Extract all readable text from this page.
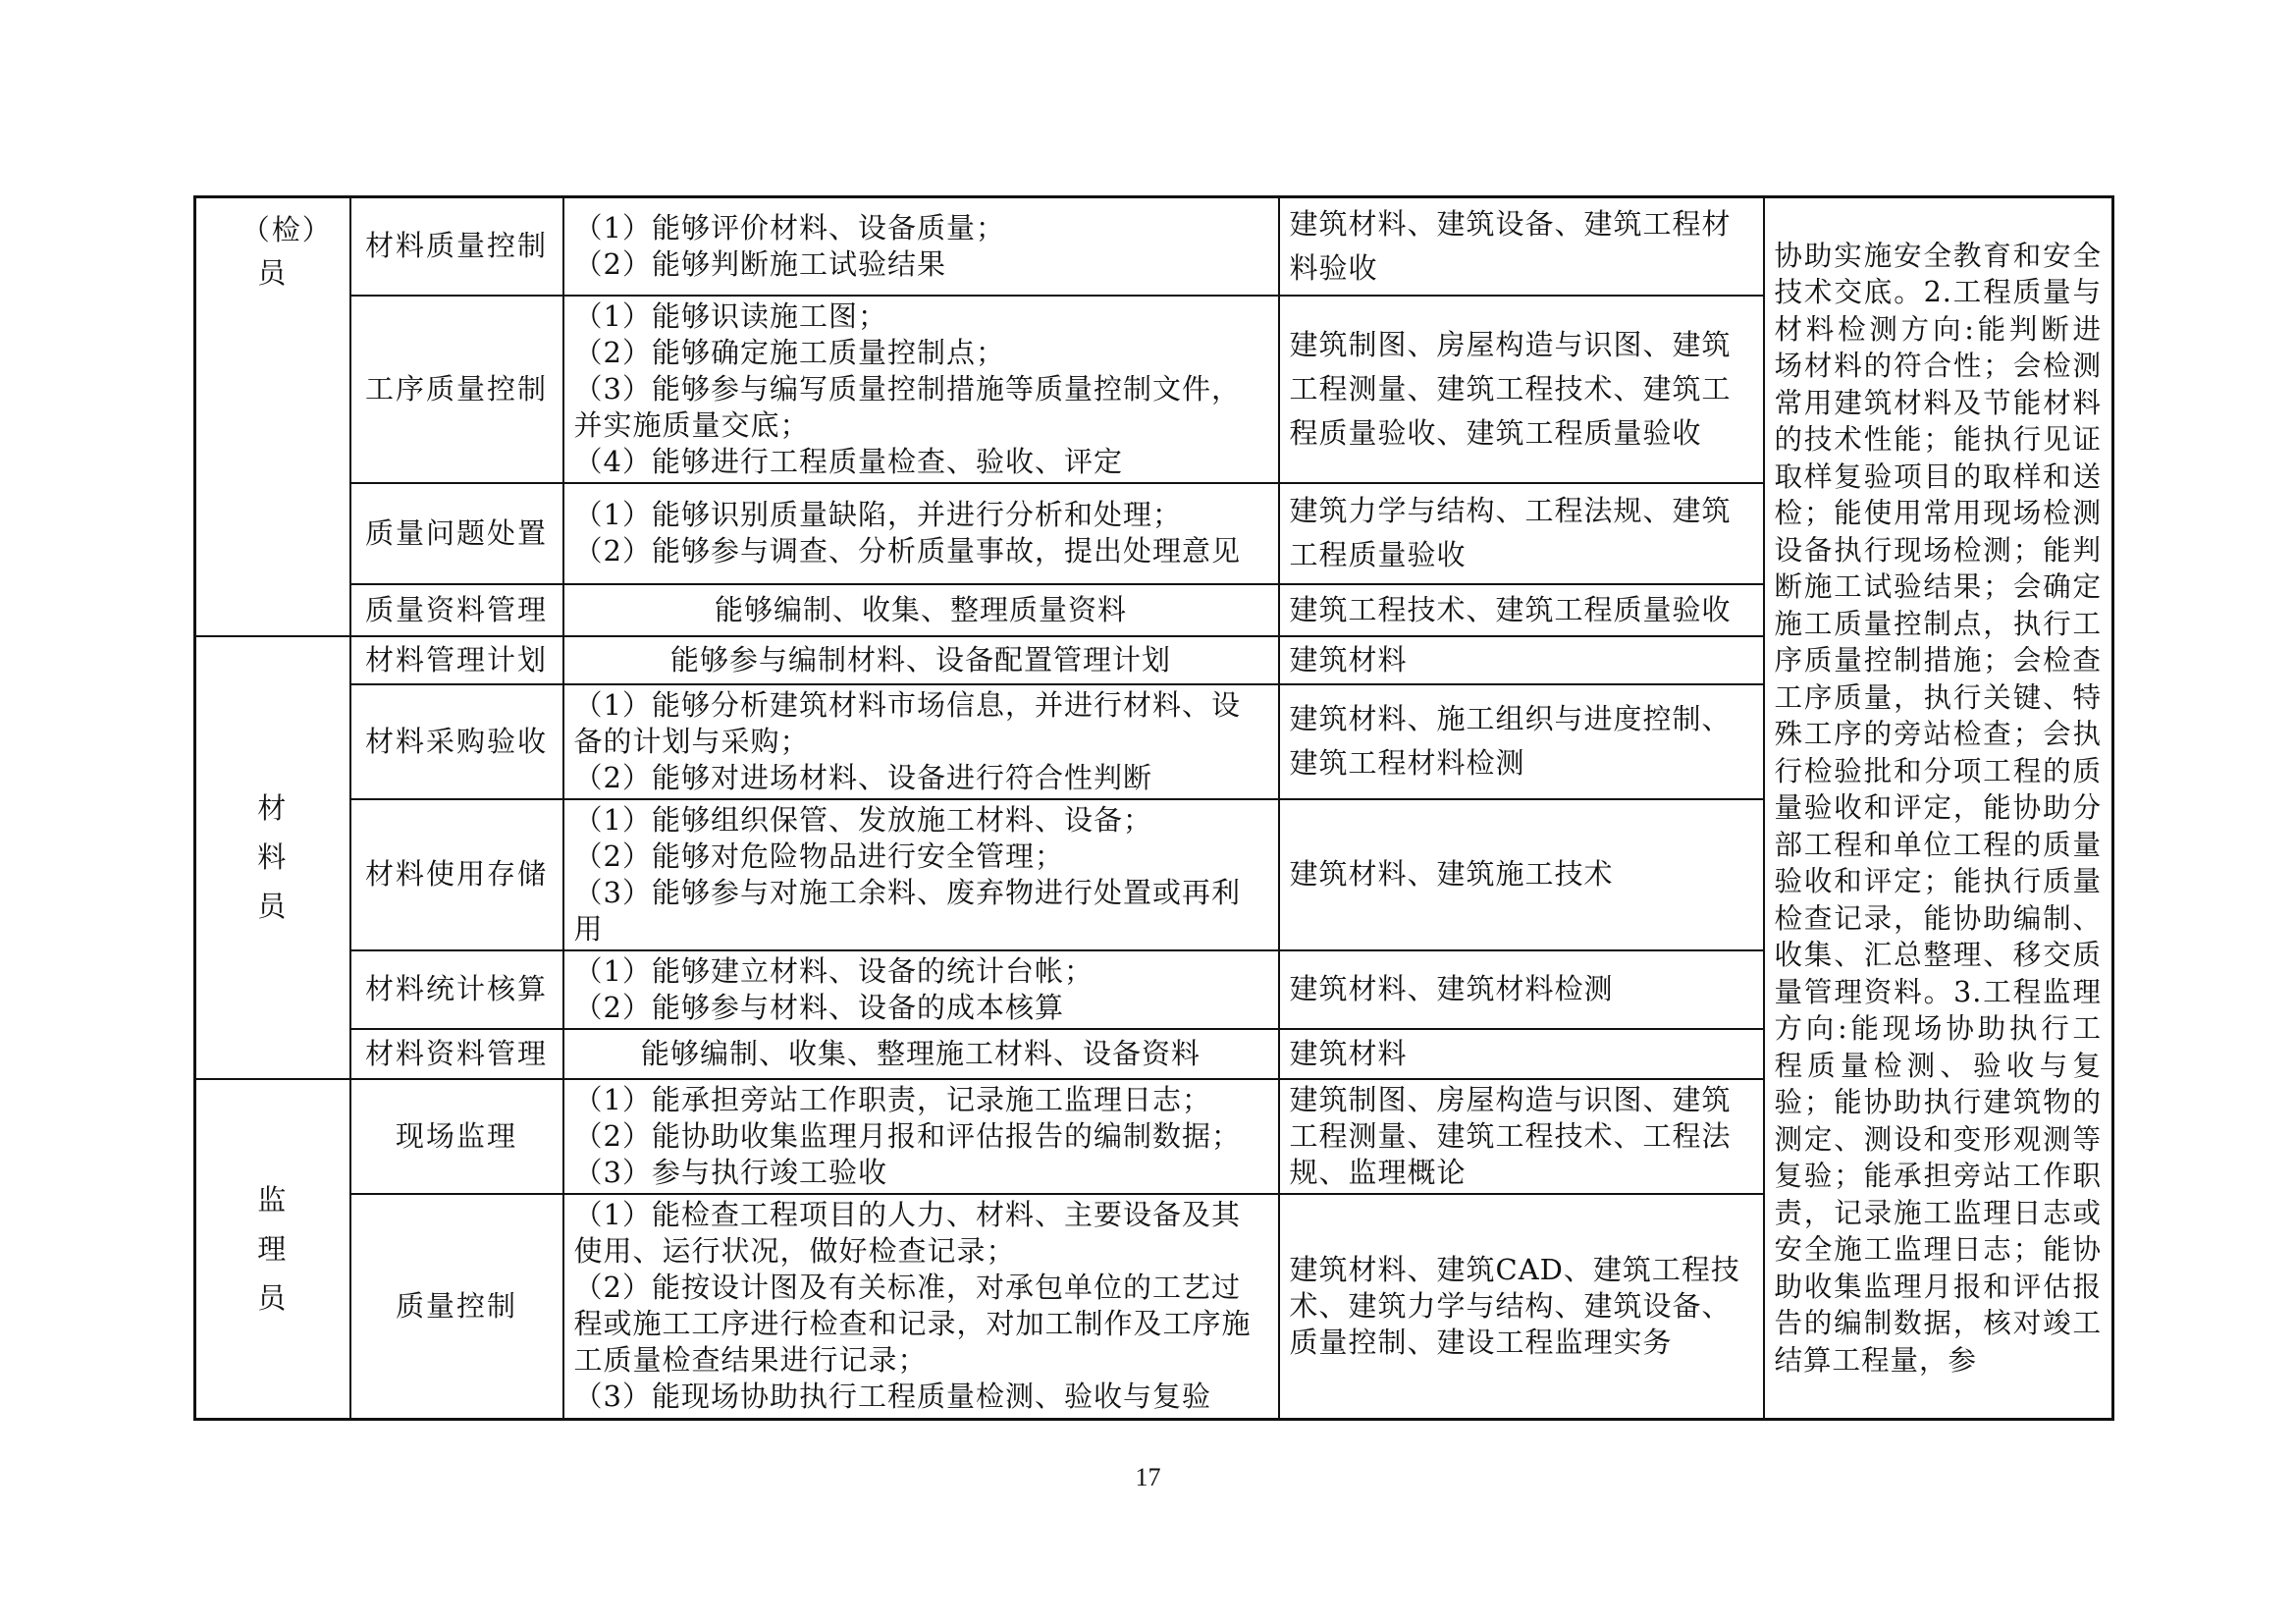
（检）员	材料质量控制	（1）能够评价材料、设备质量；
（2）能够判断施工试验结果	建筑材料、建筑设备、建筑工程材料验收	协助实施安全教育和安全技术交底。2.工程质量与材料检测方向:能判断进场材料的符合性；会检测常用建筑材料及节能材料的技术性能；能执行见证取样复验项目的取样和送检；能使用常用现场检测设备执行现场检测；能判断施工试验结果；会确定施工质量控制点，执行工序质量控制措施；会检查工序质量，执行关键、特殊工序的旁站检查；会执行检验批和分项工程的质量验收和评定，能协助分部工程和单位工程的质量验收和评定；能执行质量检查记录，能协助编制、收集、汇总整理、移交质量管理资料。3.工程监理方向:能现场协助执行工程质量检测、验收与复验；能协助执行建筑物的测定、测设和变形观测等复验；能承担旁站工作职责，记录施工监理日志或安全施工监理日志；能协助收集监理月报和评估报告的编制数据，核对竣工结算工程量，参
	工序质量控制	（1）能够识读施工图；
（2）能够确定施工质量控制点；
（3）能够参与编写质量控制措施等质量控制文件，并实施质量交底；
（4）能够进行工程质量检查、验收、评定	建筑制图、房屋构造与识图、建筑工程测量、建筑工程技术、建筑工程质量验收、建筑工程质量验收	
	质量问题处置	（1）能够识别质量缺陷，并进行分析和处理；
（2）能够参与调查、分析质量事故，提出处理意见	建筑力学与结构、工程法规、建筑工程质量验收	
	质量资料管理	能够编制、收集、整理质量资料	建筑工程技术、建筑工程质量验收	
材料员	材料管理计划	能够参与编制材料、设备配置管理计划	建筑材料	
	材料采购验收	（1）能够分析建筑材料市场信息，并进行材料、设备的计划与采购；
（2）能够对进场材料、设备进行符合性判断	建筑材料、施工组织与进度控制、建筑工程材料检测	
	材料使用存储	（1）能够组织保管、发放施工材料、设备；
（2）能够对危险物品进行安全管理；
（3）能够参与对施工余料、废弃物进行处置或再利用	建筑材料、建筑施工技术	
	材料统计核算	（1）能够建立材料、设备的统计台帐；
（2）能够参与材料、设备的成本核算	建筑材料、建筑材料检测	
	材料资料管理	能够编制、收集、整理施工材料、设备资料	建筑材料	
监理员	现场监理	（1）能承担旁站工作职责，记录施工监理日志；
（2）能协助收集监理月报和评估报告的编制数据；
（3）参与执行竣工验收	建筑制图、房屋构造与识图、建筑工程测量、建筑工程技术、工程法规、监理概论	
	质量控制	（1）能检查工程项目的人力、材料、主要设备及其使用、运行状况，做好检查记录；
（2）能按设计图及有关标准，对承包单位的工艺过程或施工工序进行检查和记录，对加工制作及工序施工质量检查结果进行记录；
（3）能现场协助执行工程质量检测、验收与复验	建筑材料、建筑CAD、建筑工程技术、建筑力学与结构、建筑设备、质量控制、建设工程监理实务	
17
